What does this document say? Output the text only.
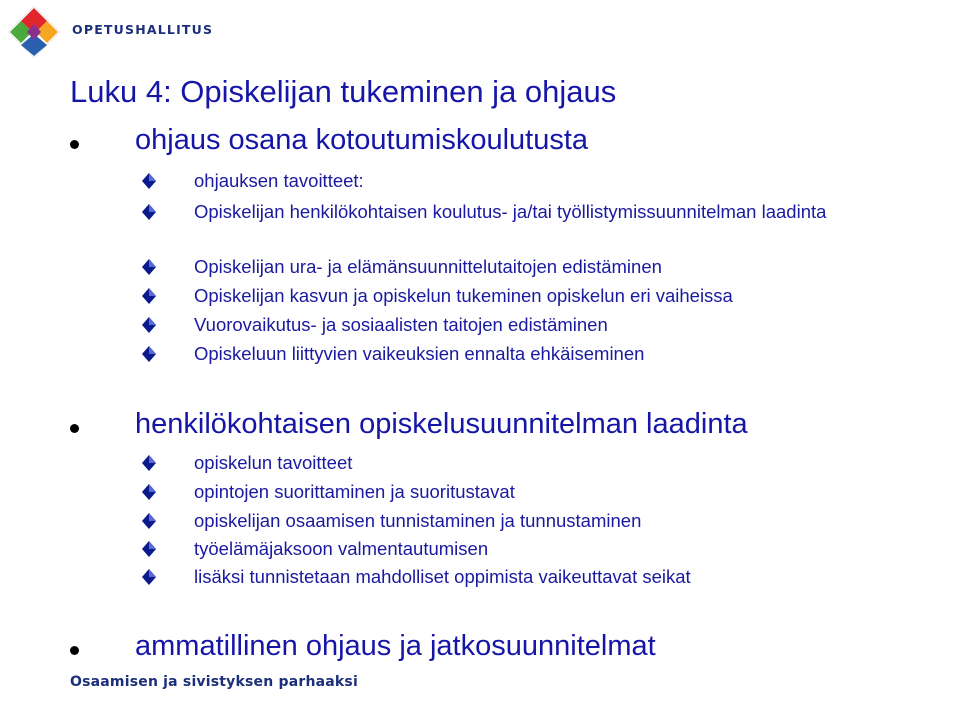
OPETUSHALLITUS
Luku 4: Opiskelijan tukeminen ja ohjaus
ohjaus osana kotoutumiskoulutusta
ohjauksen tavoitteet:
Opiskelijan henkilökohtaisen koulutus- ja/tai työllistymissuunnitelman laadinta
Opiskelijan ura- ja elämänsuunnittelutaitojen edistäminen
Opiskelijan kasvun ja opiskelun tukeminen opiskelun eri vaiheissa
Vuorovaikutus- ja sosiaalisten taitojen edistäminen
Opiskeluun liittyvien vaikeuksien ennalta ehkäiseminen
henkilökohtaisen opiskelusuunnitelman laadinta
opiskelun tavoitteet
opintojen suorittaminen ja suoritustavat
opiskelijan osaamisen tunnistaminen ja tunnustaminen
työelämäjaksoon valmentautumisen
lisäksi tunnistetaan mahdolliset oppimista vaikeuttavat seikat
ammatillinen ohjaus ja jatkosuunnitelmat
Osaamisen ja sivistyksen parhaaksi
